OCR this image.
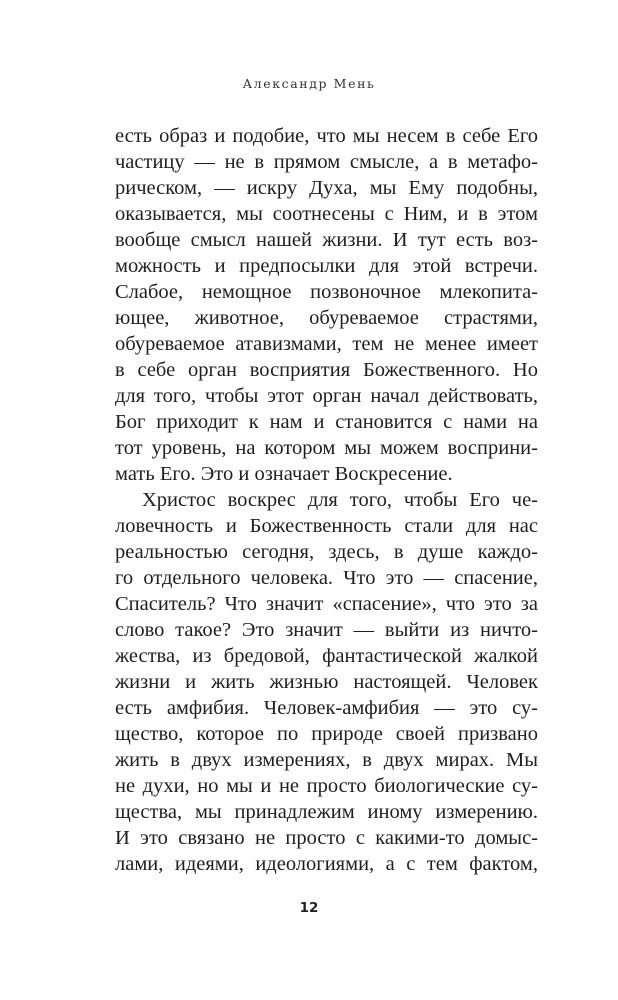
Александр Мень
есть образ и подобие, что мы несем в себе Его
частицу — не в прямом смысле, а в метафо-
рическом, — искру Духа, мы Ему подобны,
оказывается, мы соотнесены с Ним, и в этом
вообще смысл нашей жизни. И тут есть воз-
можность и предпосылки для этой встречи.
Слабое, немощное позвоночное млекопита-
ющее, животное, обуреваемое страстями,
обуреваемое атавизмами, тем не менее имеет
в себе орган восприятия Божественного. Но
для того, чтобы этот орган начал действовать,
Бог приходит к нам и становится с нами на
тот уровень, на котором мы можем восприни-
мать Его. Это и означает Воскресение.
Христос воскрес для того, чтобы Его че-
ловечность и Божественность стали для нас
реальностью сегодня, здесь, в душе каждо-
го отдельного человека. Что это — спасение,
Спаситель? Что значит «спасение», что это за
слово такое? Это значит — выйти из ничто-
жества, из бредовой, фантастической жалкой
жизни и жить жизнью настоящей. Человек
есть амфибия. Человек-амфибия — это су-
щество, которое по природе своей призвано
жить в двух измерениях, в двух мирах. Мы
не духи, но мы и не просто биологические су-
щества, мы принадлежим иному измерению.
И это связано не просто с какими-то домыс-
лами, идеями, идеологиями, а с тем фактом,
12
